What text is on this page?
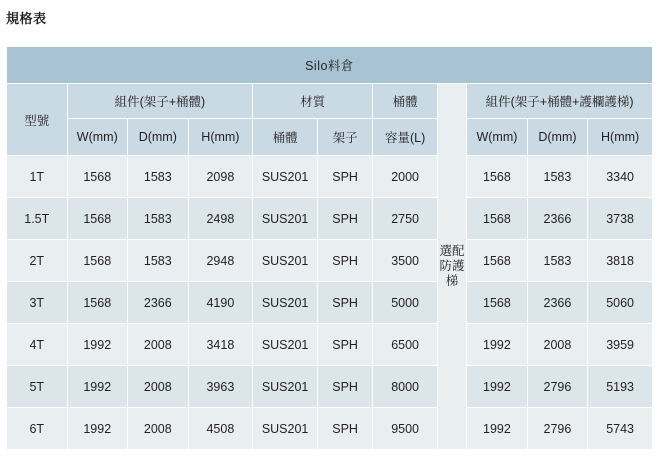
規格表
Silo料倉										
型號	組件(架子+桶體)			材質		桶體	選配防護梯	組件(架子+桶體+護欄護梯)		
	W(mm)	D(mm)	H(mm)	桶體	架子	容量(L)		W(mm)	D(mm)	H(mm)
1T	1568	1583	2098	SUS201	SPH	2000		1568	1583	3340
1.5T	1568	1583	2498	SUS201	SPH	2750		1568	2366	3738
2T	1568	1583	2948	SUS201	SPH	3500		1568	1583	3818
3T	1568	2366	4190	SUS201	SPH	5000		1568	2366	5060
4T	1992	2008	3418	SUS201	SPH	6500		1992	2008	3959
5T	1992	2008	3963	SUS201	SPH	8000		1992	2796	5193
6T	1992	2008	4508	SUS201	SPH	9500		1992	2796	5743
